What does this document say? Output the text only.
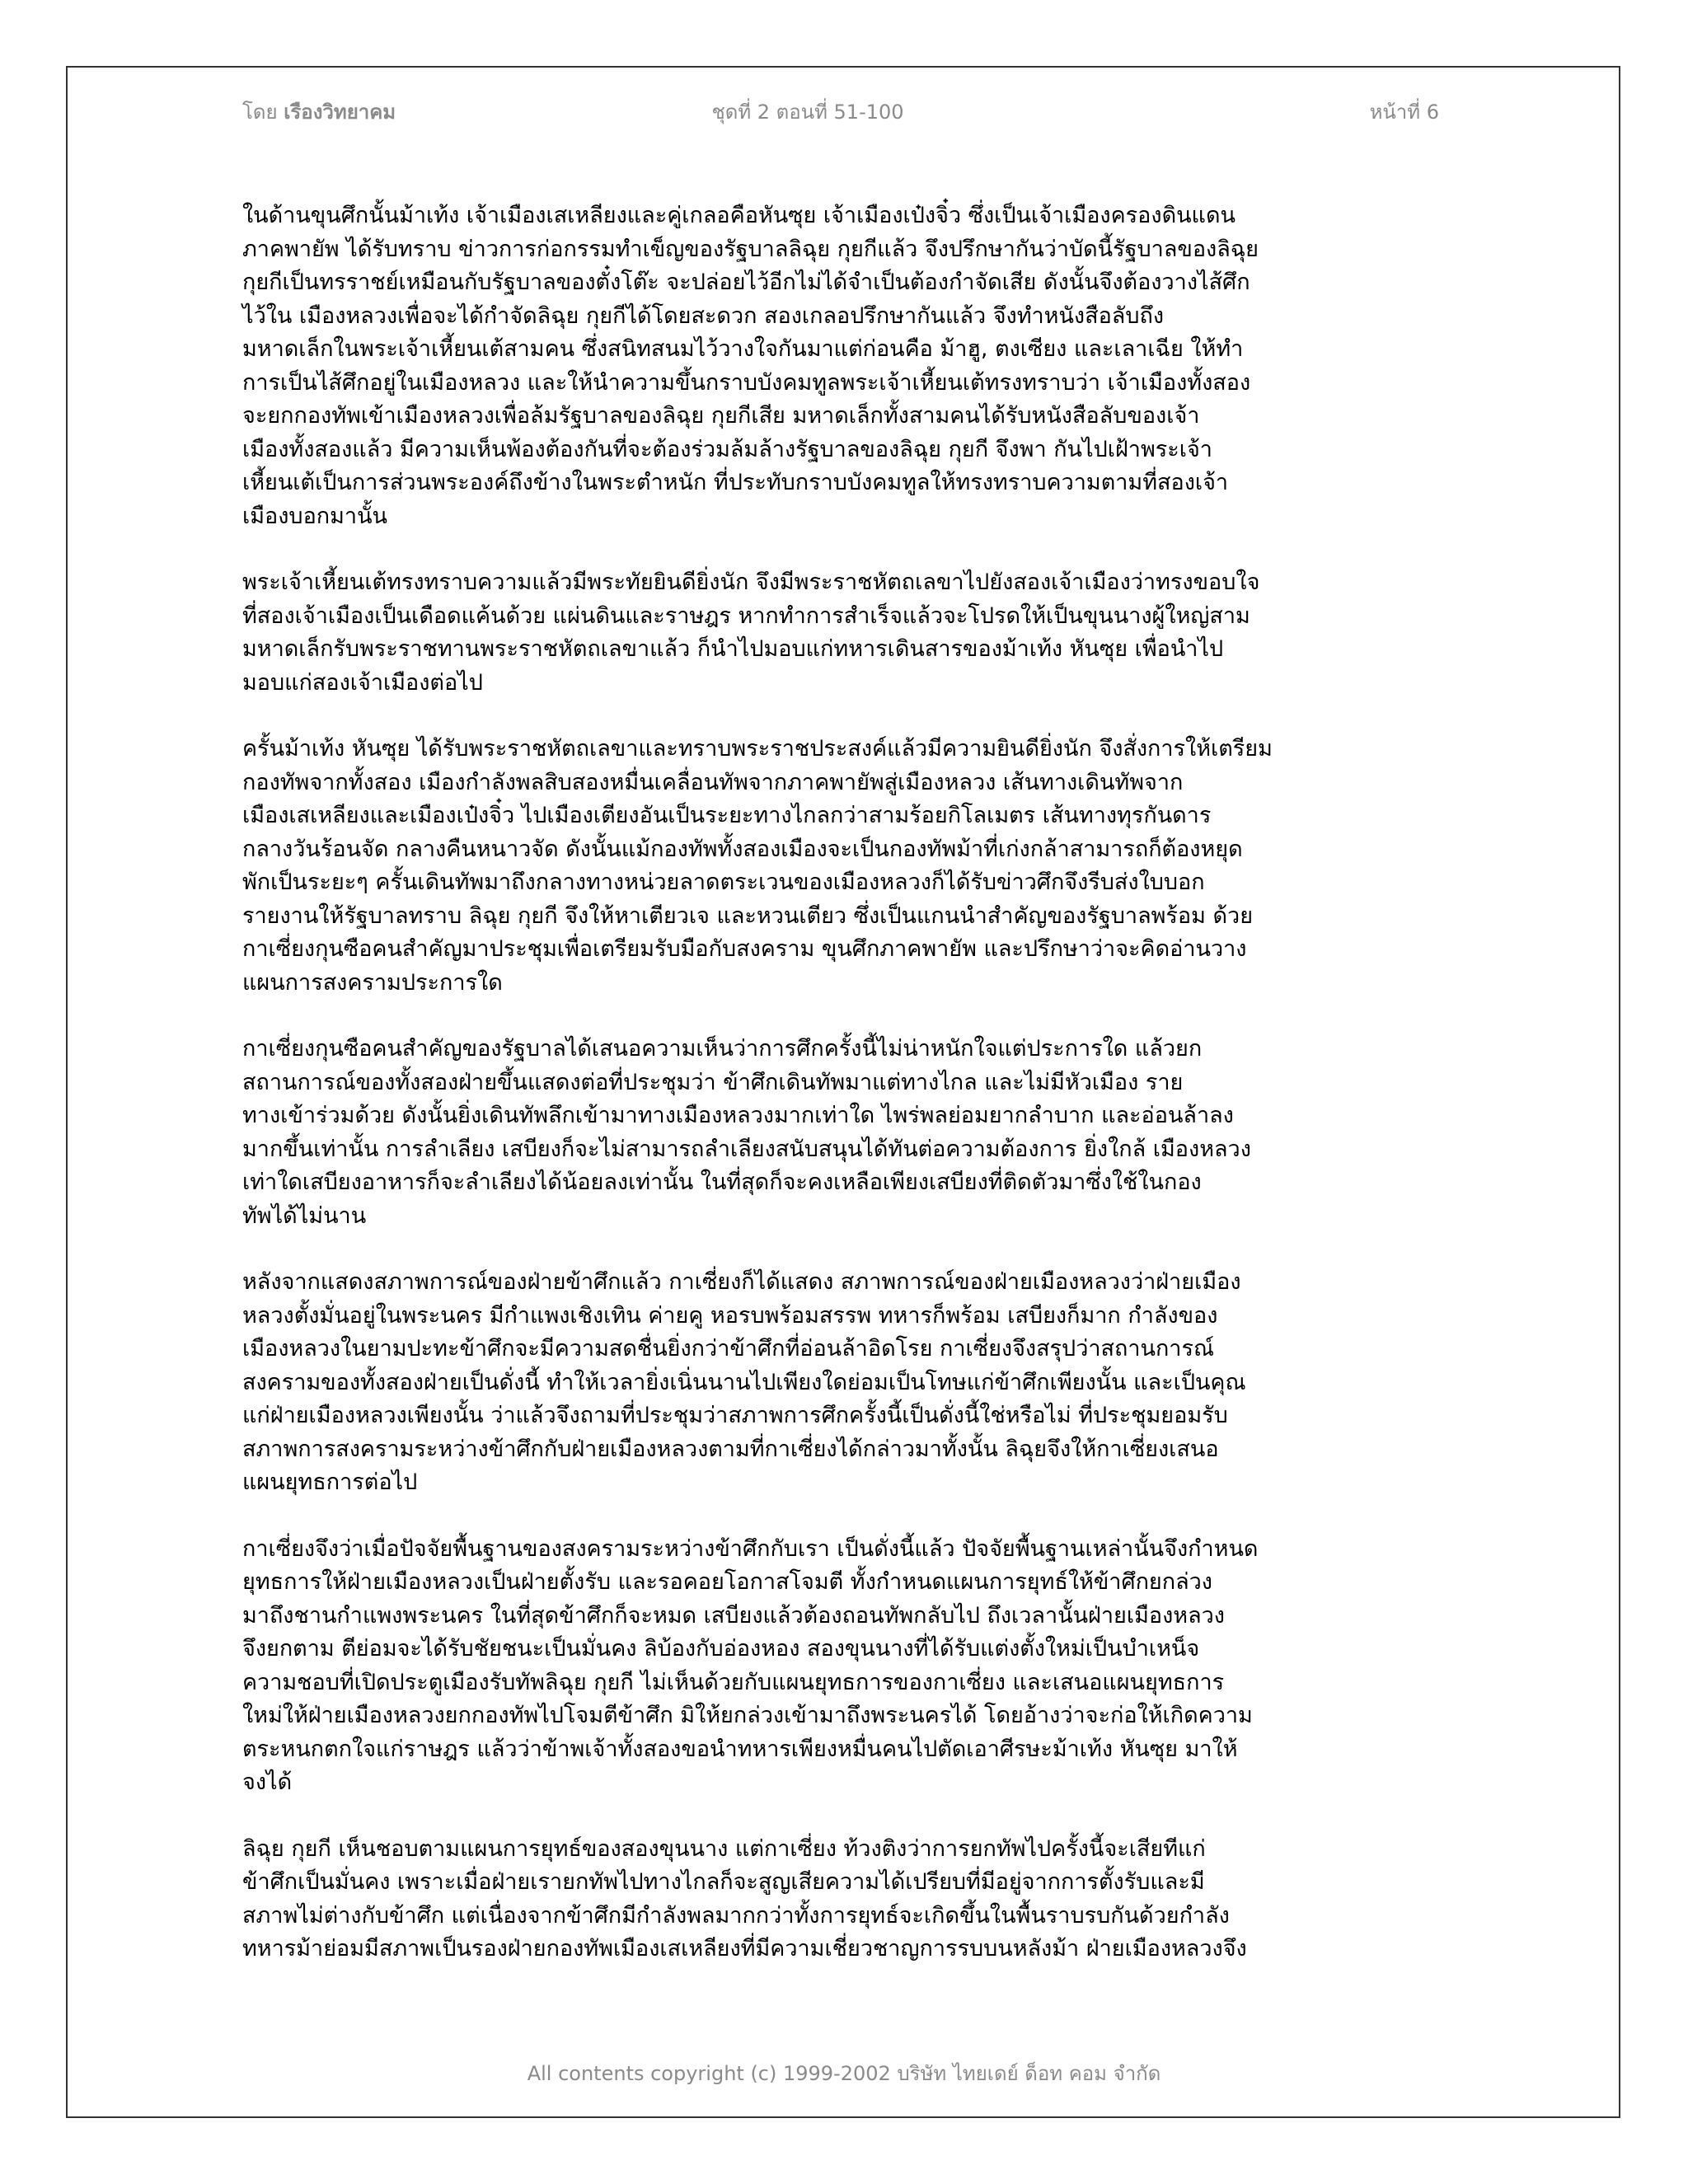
โดย เรืองวิทยาคม	ชุดที่ 2 ตอนที่ 51-100	หน้าที่ 6

ในด้านขุนศึกนั้นม้าเท้ง เจ้าเมืองเสเหลียงและคู่เกลอคือหันซุย เจ้าเมืองเป๋งจิ๋ว ซึ่งเป็นเจ้าเมืองครองดินแดน
ภาคพายัพ ได้รับทราบ ข่าวการก่อกรรมทำเข็ญของรัฐบาลลิฉุย กุยกีแล้ว จึงปรึกษากันว่าบัดนี้รัฐบาลของลิฉุย
กุยกีเป็นทรราชย์เหมือนกับรัฐบาลของตั๋งโต๊ะ จะปล่อยไว้อีกไม่ได้จำเป็นต้องกำจัดเสีย ดังนั้นจึงต้องวางไส้ศึก
ไว้ใน เมืองหลวงเพื่อจะได้กำจัดลิฉุย กุยกีได้โดยสะดวก สองเกลอปรึกษากันแล้ว จึงทำหนังสือลับถึง
มหาดเล็กในพระเจ้าเหี้ยนเต้สามคน ซึ่งสนิทสนมไว้วางใจกันมาแต่ก่อนคือ ม้าฮู, ตงเซียง และเลาเฉีย ให้ทำ
การเป็นไส้ศึกอยู่ในเมืองหลวง และให้นำความขึ้นกราบบังคมทูลพระเจ้าเหี้ยนเต้ทรงทราบว่า เจ้าเมืองทั้งสอง
จะยกกองทัพเข้าเมืองหลวงเพื่อล้มรัฐบาลของลิฉุย กุยกีเสีย มหาดเล็กทั้งสามคนได้รับหนังสือลับของเจ้า
เมืองทั้งสองแล้ว มีความเห็นพ้องต้องกันที่จะต้องร่วมล้มล้างรัฐบาลของลิฉุย กุยกี จึงพา กันไปเฝ้าพระเจ้า
เหี้ยนเต้เป็นการส่วนพระองค์ถึงข้างในพระตำหนัก ที่ประทับกราบบังคมทูลให้ทรงทราบความตามที่สองเจ้า
เมืองบอกมานั้น

พระเจ้าเหี้ยนเต้ทรงทราบความแล้วมีพระทัยยินดียิ่งนัก จึงมีพระราชหัตถเลขาไปยังสองเจ้าเมืองว่าทรงขอบใจ
ที่สองเจ้าเมืองเป็นเดือดแค้นด้วย แผ่นดินและราษฎร หากทำการสำเร็จแล้วจะโปรดให้เป็นขุนนางผู้ใหญ่สาม
มหาดเล็กรับพระราชทานพระราชหัตถเลขาแล้ว ก็นำไปมอบแก่ทหารเดินสารของม้าเท้ง หันซุย เพื่อนำไป
มอบแก่สองเจ้าเมืองต่อไป

ครั้นม้าเท้ง หันซุย ได้รับพระราชหัตถเลขาและทราบพระราชประสงค์แล้วมีความยินดียิ่งนัก จึงสั่งการให้เตรียม
กองทัพจากทั้งสอง เมืองกำลังพลสิบสองหมื่นเคลื่อนทัพจากภาคพายัพสู่เมืองหลวง เส้นทางเดินทัพจาก
เมืองเสเหลียงและเมืองเป๋งจิ๋ว ไปเมืองเตียงอันเป็นระยะทางไกลกว่าสามร้อยกิโลเมตร เส้นทางทุรกันดาร
กลางวันร้อนจัด กลางคืนหนาวจัด ดังนั้นแม้กองทัพทั้งสองเมืองจะเป็นกองทัพม้าที่เก่งกล้าสามารถก็ต้องหยุด
พักเป็นระยะๆ ครั้นเดินทัพมาถึงกลางทางหน่วยลาดตระเวนของเมืองหลวงก็ได้รับข่าวศึกจึงรีบส่งใบบอก
รายงานให้รัฐบาลทราบ ลิฉุย กุยกี จึงให้หาเตียวเจ และหวนเตียว ซึ่งเป็นแกนนำสำคัญของรัฐบาลพร้อม ด้วย
กาเซี่ยงกุนซือคนสำคัญมาประชุมเพื่อเตรียมรับมือกับสงคราม ขุนศึกภาคพายัพ และปรึกษาว่าจะคิดอ่านวาง
แผนการสงครามประการใด

กาเซี่ยงกุนซือคนสำคัญของรัฐบาลได้เสนอความเห็นว่าการศึกครั้งนี้ไม่น่าหนักใจแต่ประการใด แล้วยก
สถานการณ์ของทั้งสองฝ่ายขึ้นแสดงต่อที่ประชุมว่า ข้าศึกเดินทัพมาแต่ทางไกล และไม่มีหัวเมือง ราย
ทางเข้าร่วมด้วย ดังนั้นยิ่งเดินทัพลึกเข้ามาทางเมืองหลวงมากเท่าใด ไพร่พลย่อมยากลำบาก และอ่อนล้าลง
มากขึ้นเท่านั้น การลำเลียง เสบียงก็จะไม่สามารถลำเลียงสนับสนุนได้ทันต่อความต้องการ ยิ่งใกล้ เมืองหลวง
เท่าใดเสบียงอาหารก็จะลำเลียงได้น้อยลงเท่านั้น ในที่สุดก็จะคงเหลือเพียงเสบียงที่ติดตัวมาซึ่งใช้ในกอง
ทัพได้ไม่นาน

หลังจากแสดงสภาพการณ์ของฝ่ายข้าศึกแล้ว กาเซี่ยงก็ได้แสดง สภาพการณ์ของฝ่ายเมืองหลวงว่าฝ่ายเมือง
หลวงตั้งมั่นอยู่ในพระนคร มีกำแพงเชิงเทิน ค่ายคู หอรบพร้อมสรรพ ทหารก็พร้อม เสบียงก็มาก กำลังของ
เมืองหลวงในยามปะทะข้าศึกจะมีความสดชื่นยิ่งกว่าข้าศึกที่อ่อนล้าอิดโรย กาเซี่ยงจึงสรุปว่าสถานการณ์
สงครามของทั้งสองฝ่ายเป็นดั่งนี้ ทำให้เวลายิ่งเนิ่นนานไปเพียงใดย่อมเป็นโทษแก่ข้าศึกเพียงนั้น และเป็นคุณ
แก่ฝ่ายเมืองหลวงเพียงนั้น ว่าแล้วจึงถามที่ประชุมว่าสภาพการศึกครั้งนี้เป็นดั่งนี้ใช่หรือไม่ ที่ประชุมยอมรับ
สภาพการสงครามระหว่างข้าศึกกับฝ่ายเมืองหลวงตามที่กาเซี่ยงได้กล่าวมาทั้งนั้น ลิฉุยจึงให้กาเซี่ยงเสนอ
แผนยุทธการต่อไป

กาเซี่ยงจึงว่าเมื่อปัจจัยพื้นฐานของสงครามระหว่างข้าศึกกับเรา เป็นดั่งนี้แล้ว ปัจจัยพื้นฐานเหล่านั้นจึงกำหนด
ยุทธการให้ฝ่ายเมืองหลวงเป็นฝ่ายตั้งรับ และรอคอยโอกาสโจมตี ทั้งกำหนดแผนการยุทธ์ให้ข้าศึกยกล่วง
มาถึงชานกำแพงพระนคร ในที่สุดข้าศึกก็จะหมด เสบียงแล้วต้องถอนทัพกลับไป ถึงเวลานั้นฝ่ายเมืองหลวง
จึงยกตาม ตีย่อมจะได้รับชัยชนะเป็นมั่นคง ลิบ้องกับอ่องหอง สองขุนนางที่ได้รับแต่งตั้งใหม่เป็นบำเหน็จ
ความชอบที่เปิดประตูเมืองรับทัพลิฉุย กุยกี ไม่เห็นด้วยกับแผนยุทธการของกาเซี่ยง และเสนอแผนยุทธการ
ใหม่ให้ฝ่ายเมืองหลวงยกกองทัพไปโจมตีข้าศึก มิให้ยกล่วงเข้ามาถึงพระนครได้ โดยอ้างว่าจะก่อให้เกิดความ
ตระหนกตกใจแก่ราษฎร แล้วว่าข้าพเจ้าทั้งสองขอนำทหารเพียงหมื่นคนไปตัดเอาศีรษะม้าเท้ง หันซุย มาให้
จงได้

ลิฉุย กุยกี เห็นชอบตามแผนการยุทธ์ของสองขุนนาง แต่กาเซี่ยง ท้วงติงว่าการยกทัพไปครั้งนี้จะเสียทีแก่
ข้าศึกเป็นมั่นคง เพราะเมื่อฝ่ายเรายกทัพไปทางไกลก็จะสูญเสียความได้เปรียบที่มีอยู่จากการตั้งรับและมี
สภาพไม่ต่างกับข้าศึก แต่เนื่องจากข้าศึกมีกำลังพลมากกว่าทั้งการยุทธ์จะเกิดขึ้นในพื้นราบรบกันด้วยกำลัง
ทหารม้าย่อมมีสภาพเป็นรองฝ่ายกองทัพเมืองเสเหลียงที่มีความเชี่ยวชาญการรบบนหลังม้า ฝ่ายเมืองหลวงจึง

All contents copyright (c) 1999-2002 บริษัท ไทยเดย์ ด็อท คอม จำกัด
